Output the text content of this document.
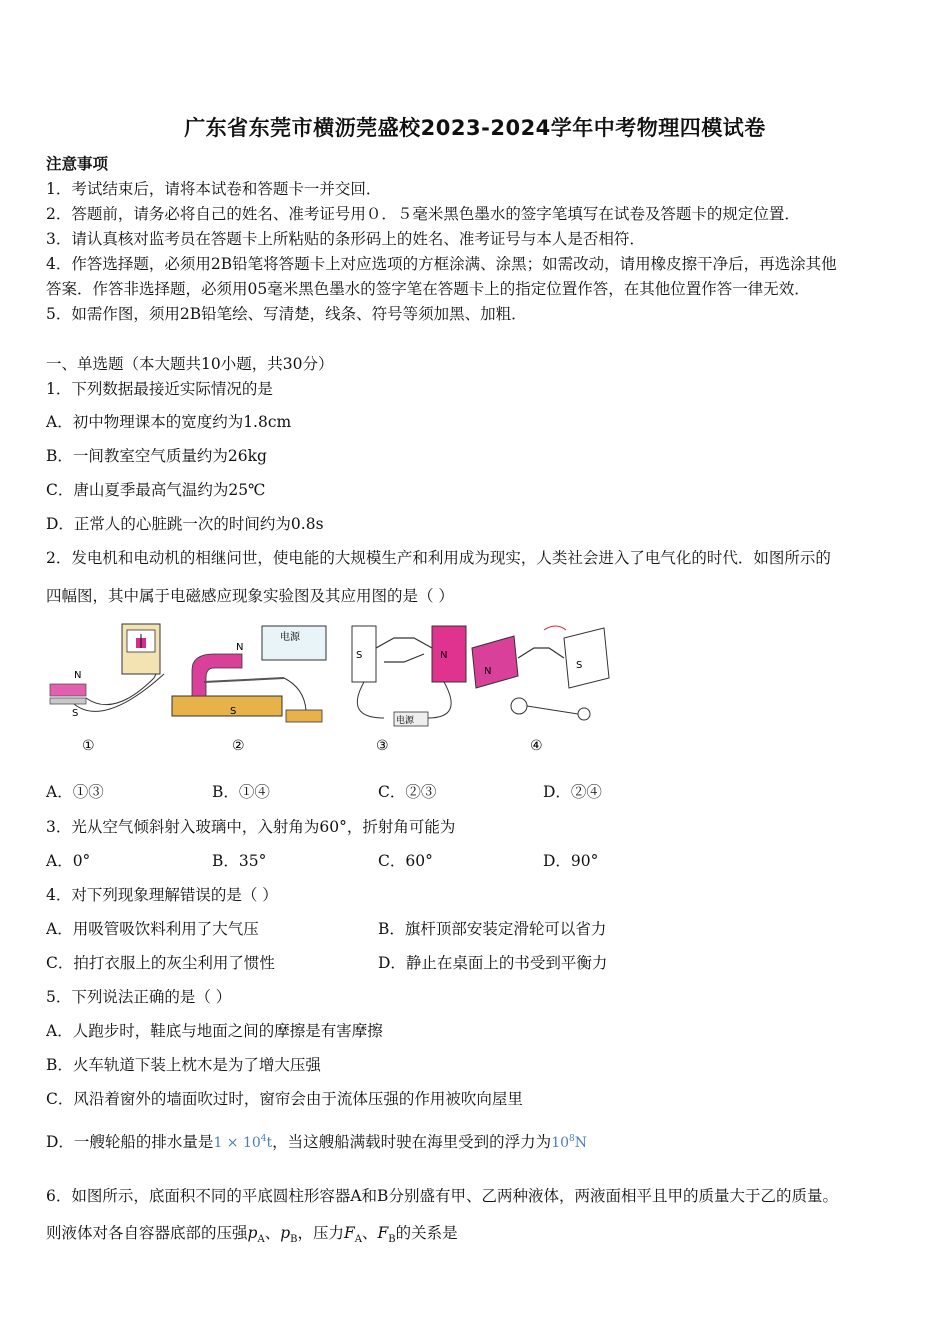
广东省东莞市横沥莞盛校2023-2024学年中考物理四模试卷
注意事项
1．考试结束后，请将本试卷和答题卡一并交回．
2．答题前，请务必将自己的姓名、准考证号用０．５毫米黑色墨水的签字笔填写在试卷及答题卡的规定位置．
3．请认真核对监考员在答题卡上所粘贴的条形码上的姓名、准考证号与本人是否相符．
4．作答选择题，必须用2B铅笔将答题卡上对应选项的方框涂满、涂黑；如需改动，请用橡皮擦干净后，再选涂其他
答案．作答非选择题，必须用05毫米黑色墨水的签字笔在答题卡上的指定位置作答，在其他位置作答一律无效．
5．如需作图，须用2B铅笔绘、写清楚，线条、符号等须加黑、加粗．
一、单选题（本大题共10小题，共30分）
1．下列数据最接近实际情况的是
A．初中物理课本的宽度约为1.8cm
B．一间教室空气质量约为26kg
C．唐山夏季最高气温约为25℃
D．正常人的心脏跳一次的时间约为0.8s
2．发电机和电动机的相继问世，使电能的大规模生产和利用成为现实，人类社会进入了电气化的时代．如图所示的
四幅图，其中属于电磁感应现象实验图及其应用图的是（ ）
N
S
电源
N
S
S	N
电源
N
S
①	②	③	④
A．①③	B．①④	C．②③	D．②④
3．光从空气倾斜射入玻璃中，入射角为60°，折射角可能为
A．0°	B．35°	C．60°	D．90°
4．对下列现象理解错误的是（ ）
A．用吸管吸饮料利用了大气压	B．旗杆顶部安装定滑轮可以省力
C．拍打衣服上的灰尘利用了惯性	D．静止在桌面上的书受到平衡力
5．下列说法正确的是（ ）
A．人跑步时，鞋底与地面之间的摩擦是有害摩擦
B．火车轨道下装上枕木是为了增大压强
C．风沿着窗外的墙面吹过时，窗帘会由于流体压强的作用被吹向屋里
D．一艘轮船的排水量是$1 \times 10^4t$，当这艘船满载时驶在海里受到的浮力为$10^8N$
6．如图所示，底面积不同的平底圆柱形容器A和B分别盛有甲、乙两种液体，两液面相平且甲的质量大于乙的质量。
则液体对各自容器底部的压强$p_A$、$p_B$，压力$F_A$、$F_B$的关系是
